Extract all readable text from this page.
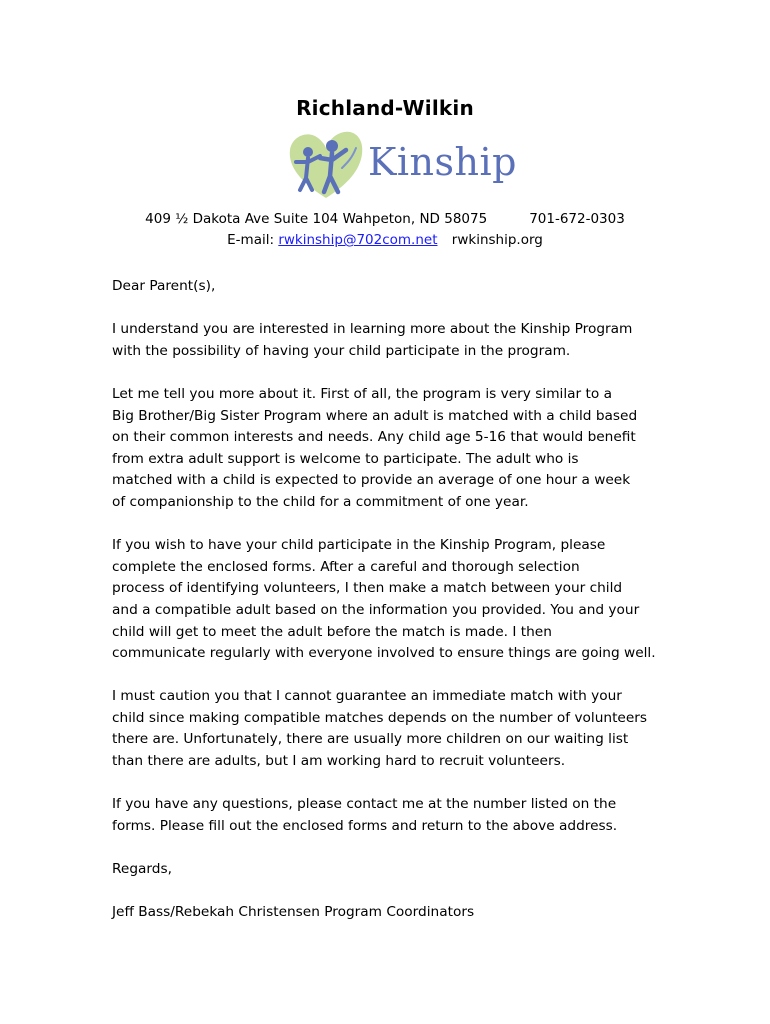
Richland-Wilkin
Kinship
409 ½ Dakota Ave Suite 104 Wahpeton, ND 58075	701-672-0303
E-mail: rwkinship@702com.net rwkinship.org

Dear Parent(s),

I understand you are interested in learning more about the Kinship Program
with the possibility of having your child participate in the program.

Let me tell you more about it. First of all, the program is very similar to a
Big Brother/Big Sister Program where an adult is matched with a child based
on their common interests and needs. Any child age 5-16 that would benefit
from extra adult support is welcome to participate. The adult who is
matched with a child is expected to provide an average of one hour a week
of companionship to the child for a commitment of one year.

If you wish to have your child participate in the Kinship Program, please
complete the enclosed forms. After a careful and thorough selection
process of identifying volunteers, I then make a match between your child
and a compatible adult based on the information you provided. You and your
child will get to meet the adult before the match is made. I then
communicate regularly with everyone involved to ensure things are going well.

I must caution you that I cannot guarantee an immediate match with your
child since making compatible matches depends on the number of volunteers
there are. Unfortunately, there are usually more children on our waiting list
than there are adults, but I am working hard to recruit volunteers.

If you have any questions, please contact me at the number listed on the
forms. Please fill out the enclosed forms and return to the above address.

Regards,

Jeff Bass/Rebekah Christensen Program Coordinators
